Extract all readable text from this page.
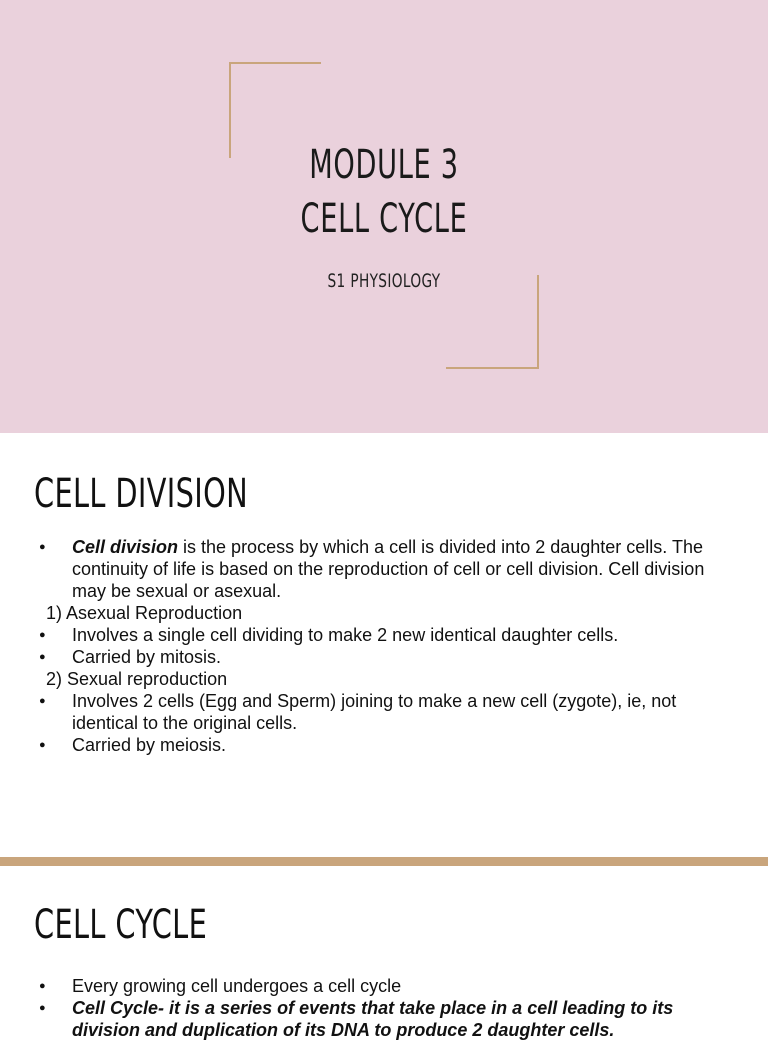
MODULE 3
CELL CYCLE
S1 PHYSIOLOGY
CELL DIVISION
● Cell division is the process by which a cell is divided into 2 daughter cells. The continuity of life is based on the reproduction of cell or cell division. Cell division may be sexual or asexual.
1) Asexual Reproduction
● Involves a single cell dividing to make 2 new identical daughter cells.
● Carried by mitosis.
2) Sexual reproduction
● Involves 2 cells (Egg and Sperm) joining to make a new cell (zygote), ie, not identical to the original cells.
● Carried by meiosis.
CELL CYCLE
● Every growing cell undergoes a cell cycle
● Cell Cycle- it is a series of events that take place in a cell leading to its division and duplication of its DNA to produce 2 daughter cells.
